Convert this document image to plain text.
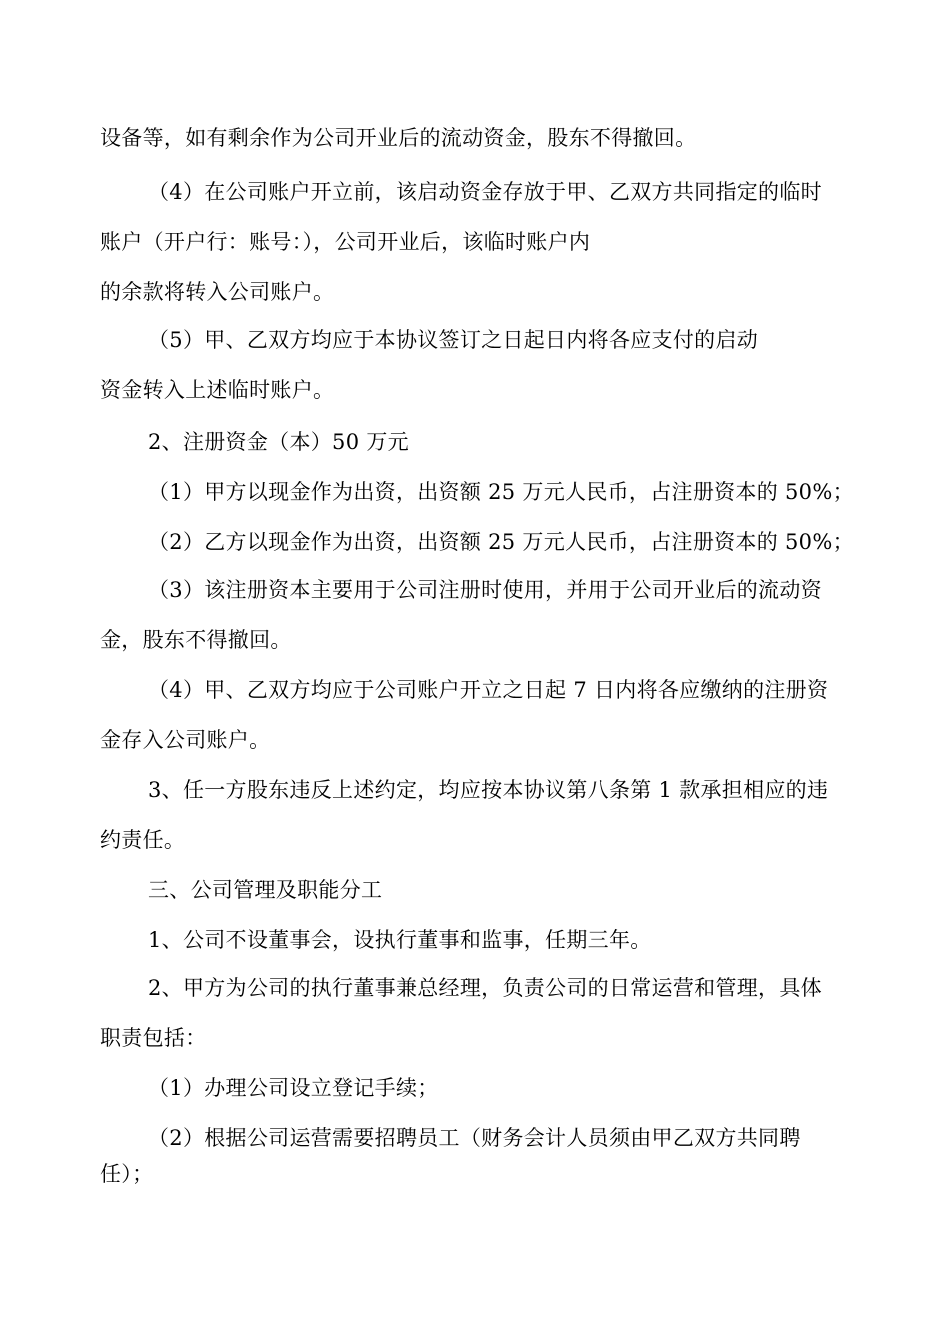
设备等，如有剩余作为公司开业后的流动资金，股东不得撤回。
（4）在公司账户开立前，该启动资金存放于甲、乙双方共同指定的临时
账户（开户行：账号：），公司开业后，该临时账户内
的余款将转入公司账户。
（5）甲、乙双方均应于本协议签订之日起日内将各应支付的启动
资金转入上述临时账户。
2、注册资金（本）50 万元
（1）甲方以现金作为出资，出资额 25 万元人民币，占注册资本的 50%；
（2）乙方以现金作为出资，出资额 25 万元人民币，占注册资本的 50%；
（3）该注册资本主要用于公司注册时使用，并用于公司开业后的流动资
金，股东不得撤回。
（4）甲、乙双方均应于公司账户开立之日起 7 日内将各应缴纳的注册资
金存入公司账户。
3、任一方股东违反上述约定，均应按本协议第八条第 1 款承担相应的违
约责任。
三、公司管理及职能分工
1、公司不设董事会，设执行董事和监事，任期三年。
2、甲方为公司的执行董事兼总经理，负责公司的日常运营和管理，具体
职责包括：
（1）办理公司设立登记手续；
（2）根据公司运营需要招聘员工（财务会计人员须由甲乙双方共同聘
任）；
